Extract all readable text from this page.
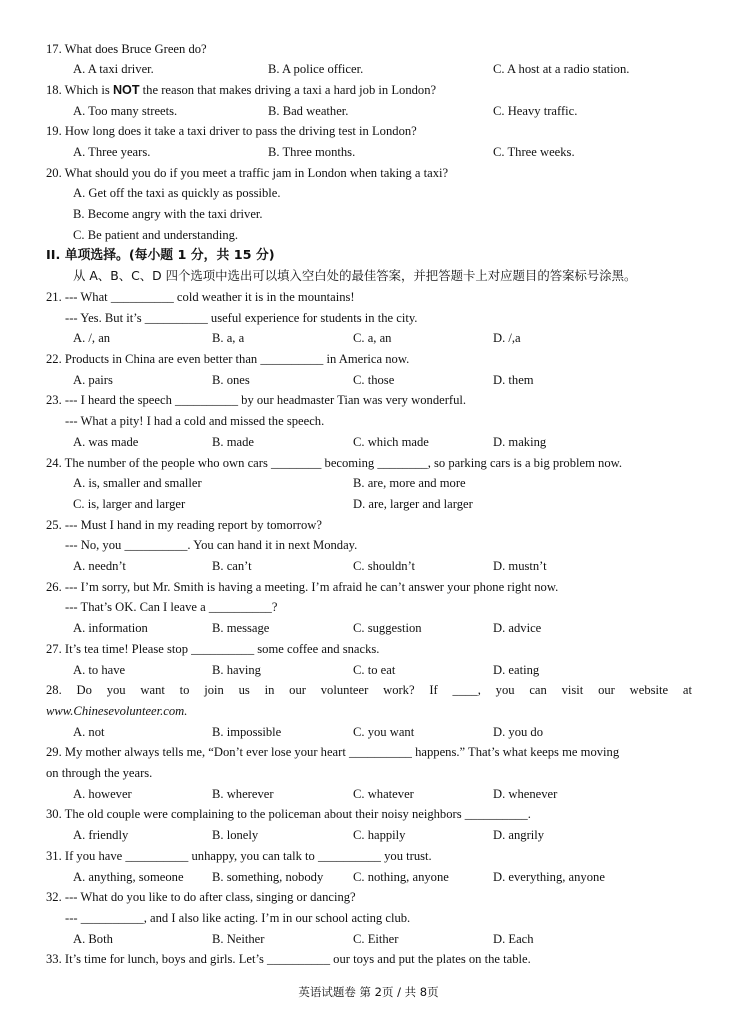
17. What does Bruce Green do?
A. A taxi driver.	B. A police officer.	C. A host at a radio station.
18. Which is NOT the reason that makes driving a taxi a hard job in London?
A. Too many streets.	B. Bad weather.	C. Heavy traffic.
19. How long does it take a taxi driver to pass the driving test in London?
A. Three years.	B. Three months.	C. Three weeks.
20. What should you do if you meet a traffic jam in London when taking a taxi?
A. Get off the taxi as quickly as possible.
B. Become angry with the taxi driver.
C. Be patient and understanding.
II. 单项选择。(每小题 1 分，共 15 分)
从 A、B、C、D 四个选项中选出可以填入空白处的最佳答案，并把答题卡上对应题目的答案标号涂黑。
21. --- What __________ cold weather it is in the mountains!
--- Yes. But it’s __________ useful experience for students in the city.
A. /, an	B. a, a	C. a, an	D. /,a
22. Products in China are even better than __________ in America now.
A. pairs	B. ones	C. those	D. them
23. --- I heard the speech __________ by our headmaster Tian was very wonderful.
--- What a pity! I had a cold and missed the speech.
A. was made	B. made	C. which made	D. making
24. The number of the people who own cars ________ becoming ________, so parking cars is a big problem now.
A. is, smaller and smaller	B. are, more and more
C. is, larger and larger	D. are, larger and larger
25. --- Must I hand in my reading report by tomorrow?
--- No, you __________. You can hand it in next Monday.
A. needn’t	B. can’t	C. shouldn’t	D. mustn’t
26. --- I’m sorry, but Mr. Smith is having a meeting. I’m afraid he can’t answer your phone right now.
--- That’s OK. Can I leave a __________?
A. information	B. message	C. suggestion	D. advice
27. It’s tea time! Please stop __________ some coffee and snacks.
A. to have	B. having	C. to eat	D. eating
28. Do you want to join us in our volunteer work? If ____, you can visit our website at
www.Chinesevolunteer.com.
A. not	B. impossible	C. you want	D. you do
29. My mother always tells me, “Don’t ever lose your heart __________ happens.” That’s what keeps me moving
on through the years.
A. however	B. wherever	C. whatever	D. whenever
30. The old couple were complaining to the policeman about their noisy neighbors __________.
A. friendly	B. lonely	C. happily	D. angrily
31. If you have __________ unhappy, you can talk to __________ you trust.
A. anything, someone B. something, nobody C. nothing, anyone	D. everything, anyone
32. --- What do you like to do after class, singing or dancing?
--- __________, and I also like acting. I’m in our school acting club.
A. Both	B. Neither	C. Either	D. Each
33. It’s time for lunch, boys and girls. Let’s __________ our toys and put the plates on the table.
英语试题卷 第 2页 / 共 8页
